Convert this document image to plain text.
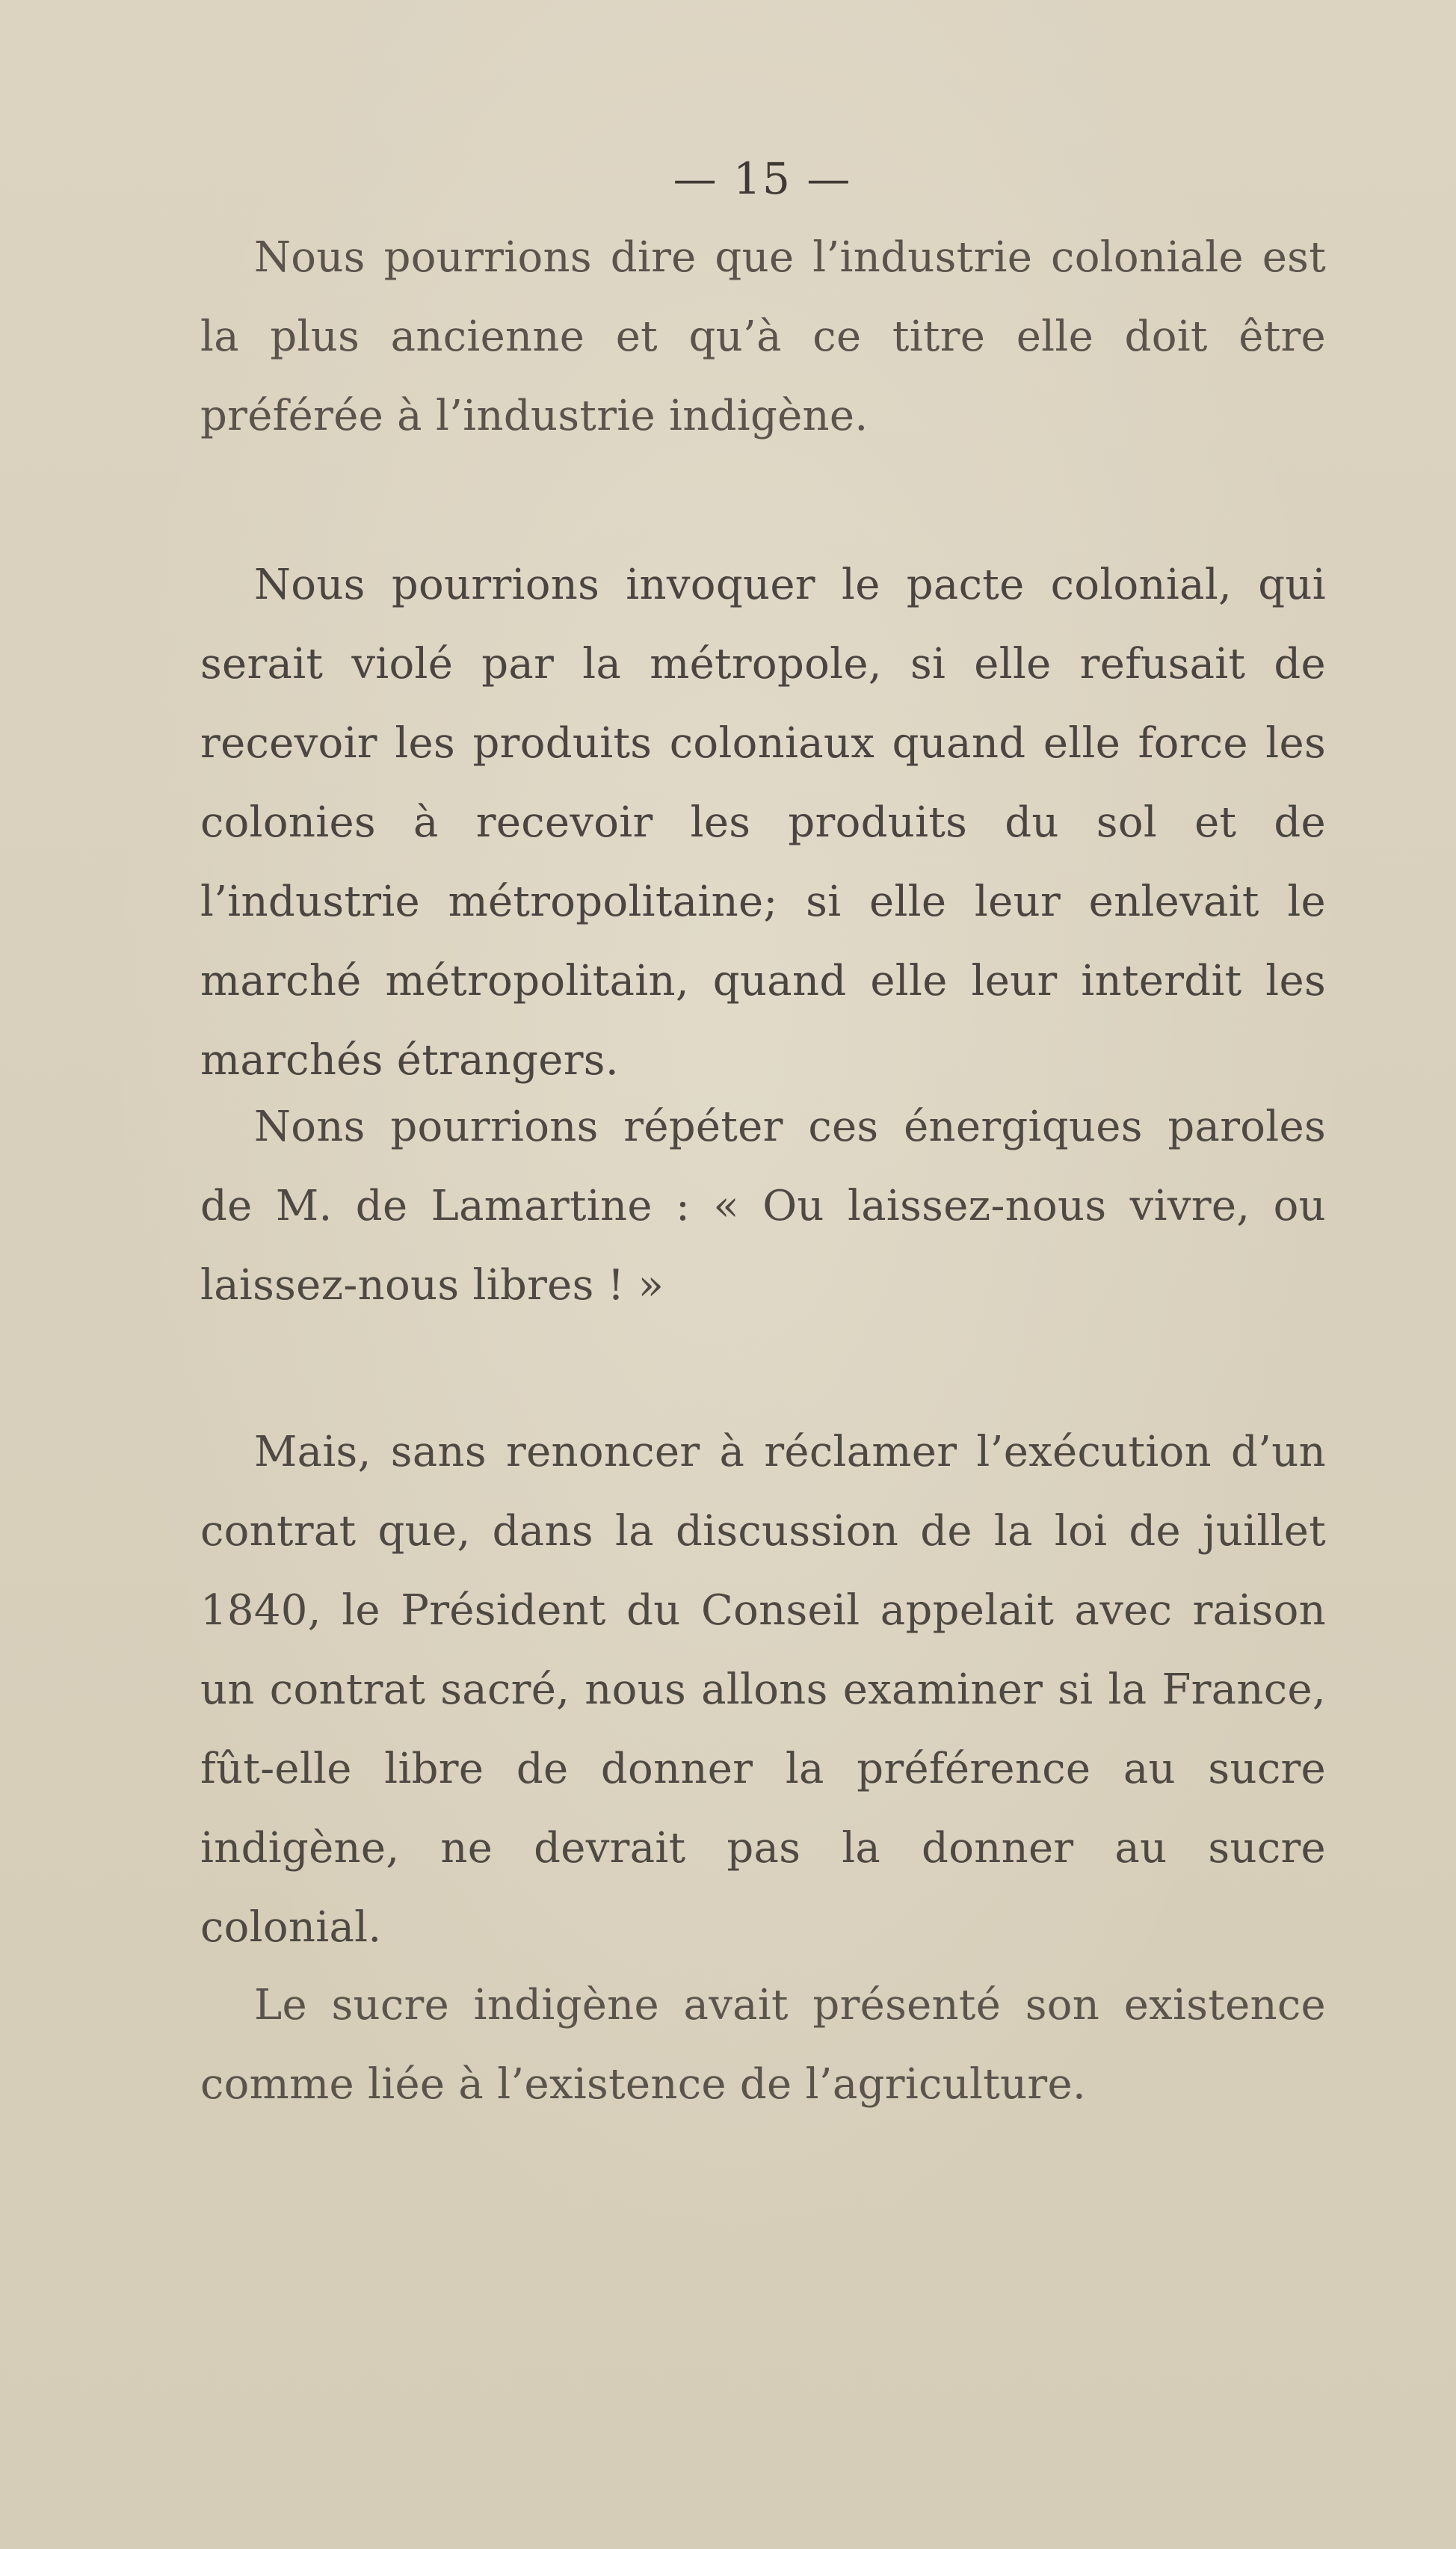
— 15 —

Nous pourrions dire que l’industrie coloniale est la plus ancienne et qu’à ce titre elle doit être préférée à l’industrie indigène.

Nous pourrions invoquer le pacte colonial, qui serait violé par la métropole, si elle refusait de recevoir les produits coloniaux quand elle force les colonies à recevoir les produits du sol et de l’industrie métropolitaine; si elle leur enlevait le marché métropolitain, quand elle leur interdit les marchés étrangers.

Nons pourrions répéter ces énergiques paroles de M. de Lamartine : « Ou laissez-nous vivre, ou laissez-nous libres ! »

Mais, sans renoncer à réclamer l’exécution d’un contrat que, dans la discussion de la loi de juillet 1840, le Président du Conseil appelait avec raison un contrat sacré, nous allons examiner si la France, fût-elle libre de donner la préférence au sucre indigène, ne devrait pas la donner au sucre colonial.

Le sucre indigène avait présenté son existence comme liée à l’existence de l’agriculture.
